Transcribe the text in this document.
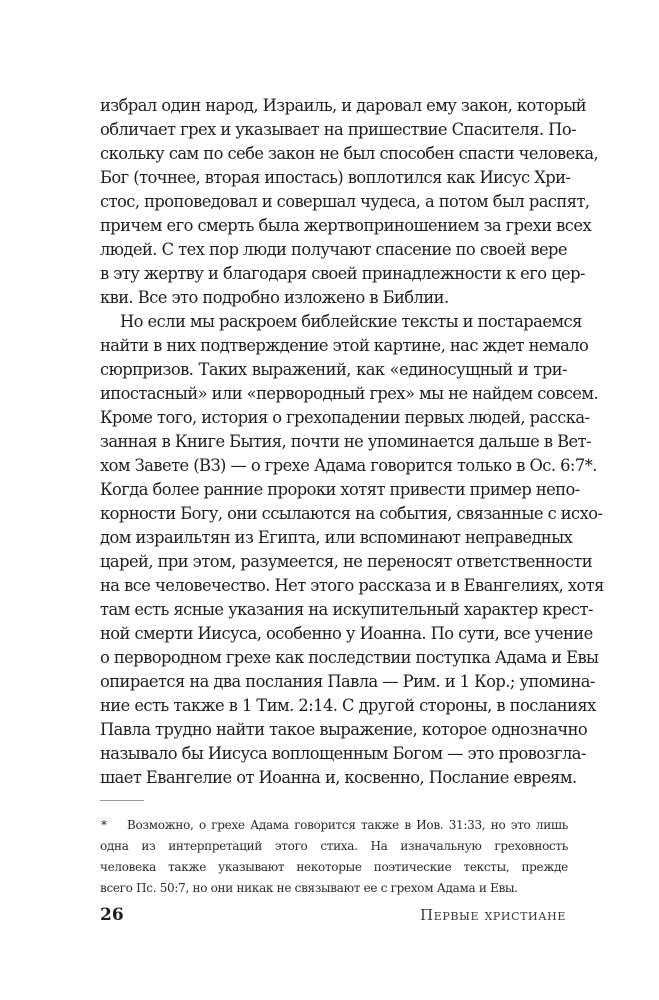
избрал один народ, Израиль, и даровал ему закон, который
обличает грех и указывает на пришествие Спасителя. По-
скольку сам по себе закон не был способен спасти человека,
Бог (точнее, вторая ипостась) воплотился как Иисус Хри-
стос, проповедовал и совершал чудеса, а потом был распят,
причем его смерть была жертвоприношением за грехи всех
людей. С тех пор люди получают спасение по своей вере
в эту жертву и благодаря своей принадлежности к его цер-
кви. Все это подробно изложено в Библии.
Но если мы раскроем библейские тексты и постараемся
найти в них подтверждение этой картине, нас ждет немало
сюрпризов. Таких выражений, как «единосущный и три-
ипостасный» или «первородный грех» мы не найдем совсем.
Кроме того, история о грехопадении первых людей, расска-
занная в Книге Бытия, почти не упоминается дальше в Вет-
хом Завете (ВЗ) — о грехе Адама говорится только в Ос. 6:7*.
Когда более ранние пророки хотят привести пример непо-
корности Богу, они ссылаются на события, связанные с исхо-
дом израильтян из Египта, или вспоминают неправедных
царей, при этом, разумеется, не переносят ответственности
на все человечество. Нет этого рассказа и в Евангелиях, хотя
там есть ясные указания на искупительный характер крест-
ной смерти Иисуса, особенно у Иоанна. По сути, все учение
о первородном грехе как последствии поступка Адама и Евы
опирается на два послания Павла — Рим. и 1 Кор.; упомина-
ние есть также в 1 Тим. 2:14. С другой стороны, в посланиях
Павла трудно найти такое выражение, которое однозначно
называло бы Иисуса воплощенным Богом — это провозгла-
шает Евангелие от Иоанна и, косвенно, Послание евреям.
* Возможно, о грехе Адама говорится также в Иов. 31:33, но это лишь
одна из интерпретаций этого стиха. На изначальную греховность
человека также указывают некоторые поэтические тексты, прежде
всего Пс. 50:7, но они никак не связывают ее с грехом Адама и Евы.
26	Первые христиане
